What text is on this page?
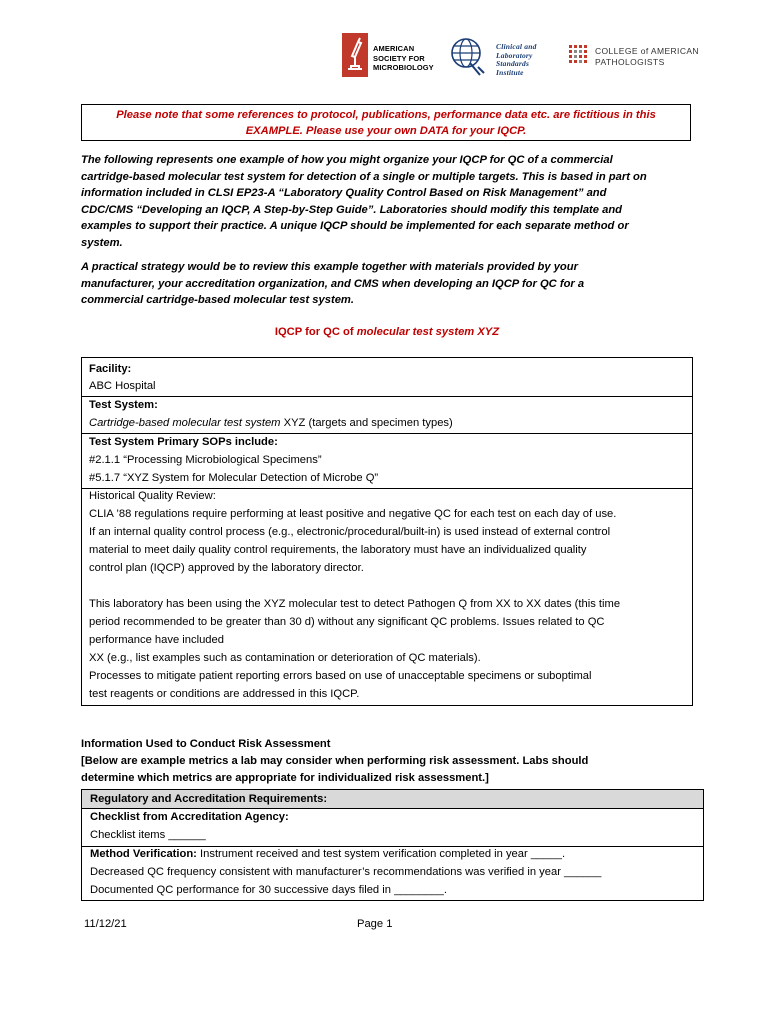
AMERICAN
SOCIETY FOR
MICROBIOLOGY
Clinical and
Laboratory
Standards
Institute
COLLEGE of AMERICAN
PATHOLOGISTS
Please note that some references to protocol, publications, performance data etc. are fictitious in this
EXAMPLE. Please use your own DATA for your IQCP.
The following represents one example of how you might organize your IQCP for QC of a commercial
cartridge-based molecular test system for detection of a single or multiple targets. This is based in part on
information included in CLSI EP23-A “Laboratory Quality Control Based on Risk Management” and
CDC/CMS “Developing an IQCP, A Step-by-Step Guide”. Laboratories should modify this template and
examples to support their practice. A unique IQCP should be implemented for each separate method or
system.
A practical strategy would be to review this example together with materials provided by your
manufacturer, your accreditation organization, and CMS when developing an IQCP for QC for a
commercial cartridge-based molecular test system.
IQCP for QC of molecular test system XYZ
Facility:
ABC Hospital
Test System:
Cartridge-based molecular test system XYZ (targets and specimen types)
Test System Primary SOPs include:
#2.1.1 “Processing Microbiological Specimens”
#5.1.7 “XYZ System for Molecular Detection of Microbe Q”
Historical Quality Review:
CLIA ’88 regulations require performing at least positive and negative QC for each test on each day of use.
If an internal quality control process (e.g., electronic/procedural/built-in) is used instead of external control
material to meet daily quality control requirements, the laboratory must have an individualized quality
control plan (IQCP) approved by the laboratory director.
This laboratory has been using the XYZ molecular test to detect Pathogen Q from XX to XX dates (this time
period recommended to be greater than 30 d) without any significant QC problems. Issues related to QC
performance have included
XX (e.g., list examples such as contamination or deterioration of QC materials).
Processes to mitigate patient reporting errors based on use of unacceptable specimens or suboptimal
test reagents or conditions are addressed in this IQCP.
Information Used to Conduct Risk Assessment
[Below are example metrics a lab may consider when performing risk assessment. Labs should
determine which metrics are appropriate for individualized risk assessment.]
Regulatory and Accreditation Requirements:
Checklist from Accreditation Agency:
Checklist items ______
Method Verification: Instrument received and test system verification completed in year _____.
Decreased QC frequency consistent with manufacturer’s recommendations was verified in year ______
Documented QC performance for 30 successive days filed in ________.
11/12/21	Page 1
